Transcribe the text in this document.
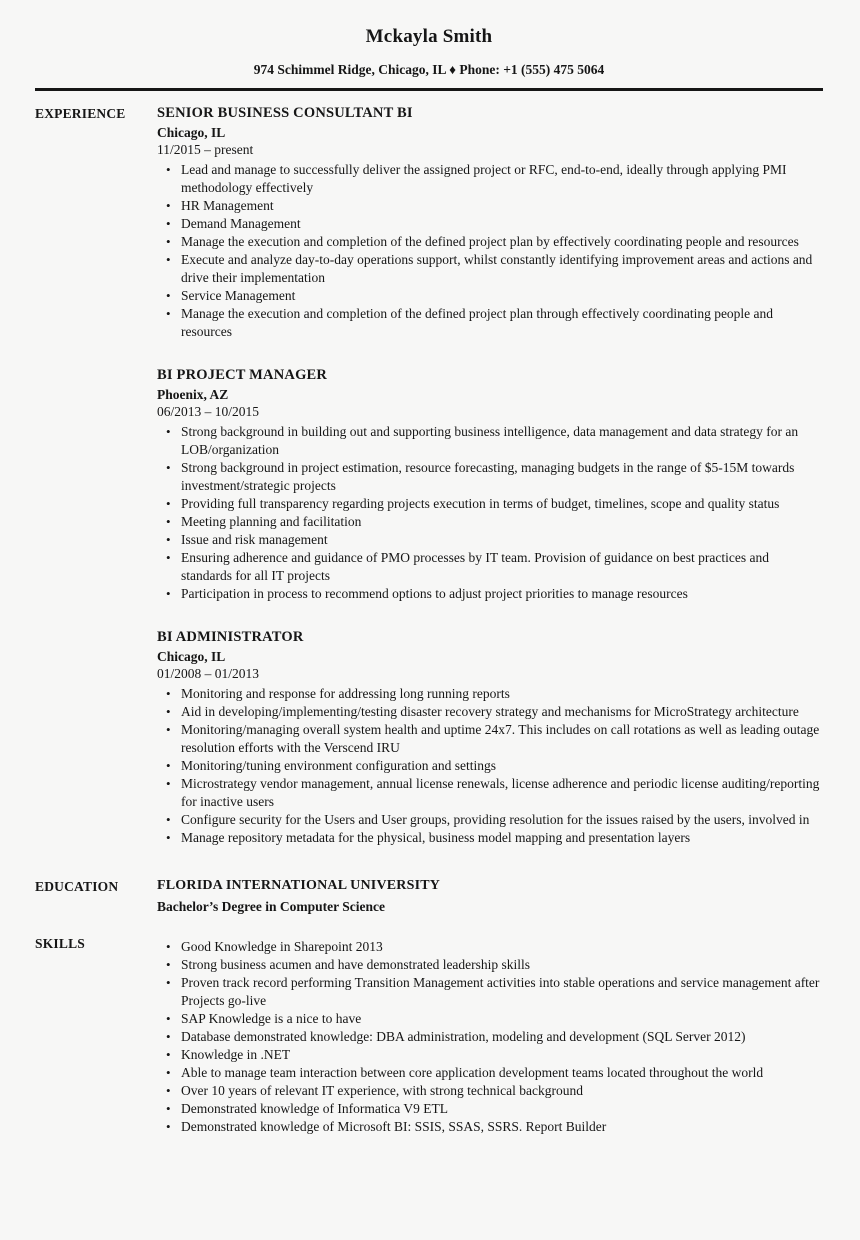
Mckayla Smith
974 Schimmel Ridge, Chicago, IL ♦ Phone: +1 (555) 475 5064
EXPERIENCE	SENIOR BUSINESS CONSULTANT BI
Chicago, IL
11/2015 – present
• Lead and manage to successfully deliver the assigned project or RFC, end-to-end, ideally through applying PMI methodology effectively
• HR Management
• Demand Management
• Manage the execution and completion of the defined project plan by effectively coordinating people and resources
• Execute and analyze day-to-day operations support, whilst constantly identifying improvement areas and actions and drive their implementation
• Service Management
• Manage the execution and completion of the defined project plan through effectively coordinating people and resources
BI PROJECT MANAGER
Phoenix, AZ
06/2013 – 10/2015
• Strong background in building out and supporting business intelligence, data management and data strategy for an LOB/organization
• Strong background in project estimation, resource forecasting, managing budgets in the range of $5-15M towards investment/strategic projects
• Providing full transparency regarding projects execution in terms of budget, timelines, scope and quality status
• Meeting planning and facilitation
• Issue and risk management
• Ensuring adherence and guidance of PMO processes by IT team. Provision of guidance on best practices and standards for all IT projects
• Participation in process to recommend options to adjust project priorities to manage resources
BI ADMINISTRATOR
Chicago, IL
01/2008 – 01/2013
• Monitoring and response for addressing long running reports
• Aid in developing/implementing/testing disaster recovery strategy and mechanisms for MicroStrategy architecture
• Monitoring/managing overall system health and uptime 24x7. This includes on call rotations as well as leading outage resolution efforts with the Verscend IRU
• Monitoring/tuning environment configuration and settings
• Microstrategy vendor management, annual license renewals, license adherence and periodic license auditing/reporting for inactive users
• Configure security for the Users and User groups, providing resolution for the issues raised by the users, involved in
• Manage repository metadata for the physical, business model mapping and presentation layers
EDUCATION	FLORIDA INTERNATIONAL UNIVERSITY
Bachelor’s Degree in Computer Science
SKILLS	• Good Knowledge in Sharepoint 2013
• Strong business acumen and have demonstrated leadership skills
• Proven track record performing Transition Management activities into stable operations and service management after Projects go-live
• SAP Knowledge is a nice to have
• Database demonstrated knowledge: DBA administration, modeling and development (SQL Server 2012)
• Knowledge in .NET
• Able to manage team interaction between core application development teams located throughout the world
• Over 10 years of relevant IT experience, with strong technical background
• Demonstrated knowledge of Informatica V9 ETL
• Demonstrated knowledge of Microsoft BI: SSIS, SSAS, SSRS. Report Builder
